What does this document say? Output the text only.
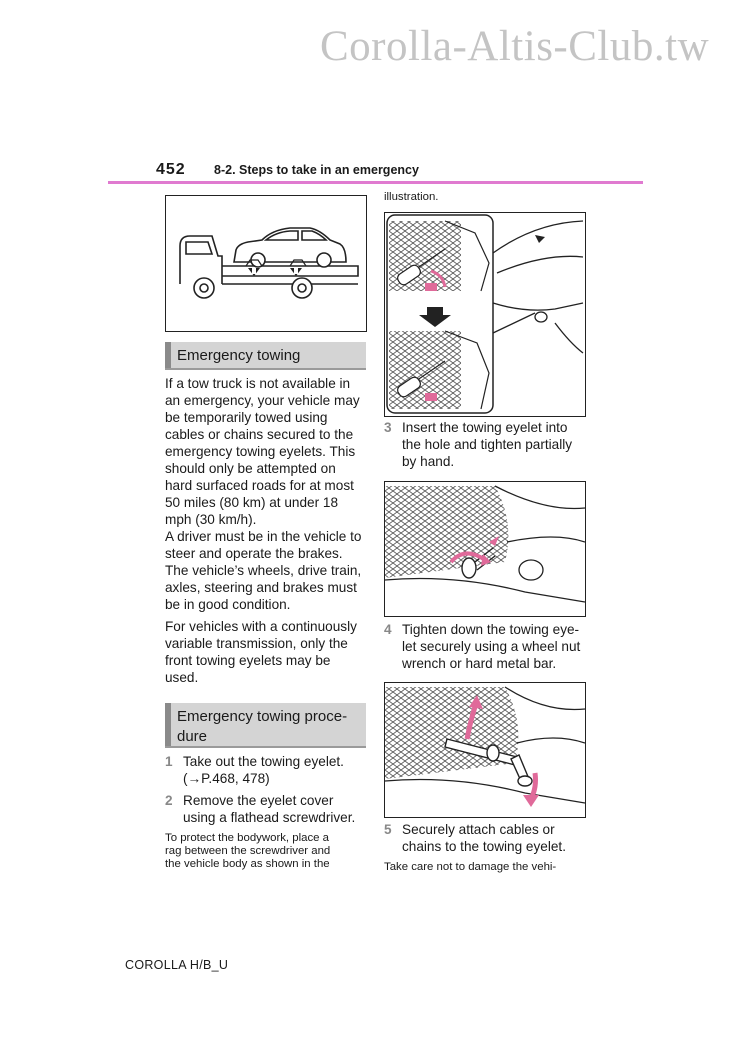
Corolla-Altis-Club.tw
452 8-2. Steps to take in an emergency
Emergency towing
If a tow truck is not available in
an emergency, your vehicle may
be temporarily towed using
cables or chains secured to the
emergency towing eyelets. This
should only be attempted on
hard surfaced roads for at most
50 miles (80 km) at under 18
mph (30 km/h).
A driver must be in the vehicle to
steer and operate the brakes.
The vehicle’s wheels, drive train,
axles, steering and brakes must
be in good condition.
For vehicles with a continuously
variable transmission, only the
front towing eyelets may be
used.
Emergency towing proce-
dure
1 Take out the towing eyelet.
(→P.468, 478)
2 Remove the eyelet cover
using a flathead screwdriver.
To protect the bodywork, place a
rag between the screwdriver and
the vehicle body as shown in the
illustration.
3 Insert the towing eyelet into
the hole and tighten partially
by hand.
4 Tighten down the towing eye-
let securely using a wheel nut
wrench or hard metal bar.
5 Securely attach cables or
chains to the towing eyelet.
Take care not to damage the vehi-
COROLLA H/B_U
